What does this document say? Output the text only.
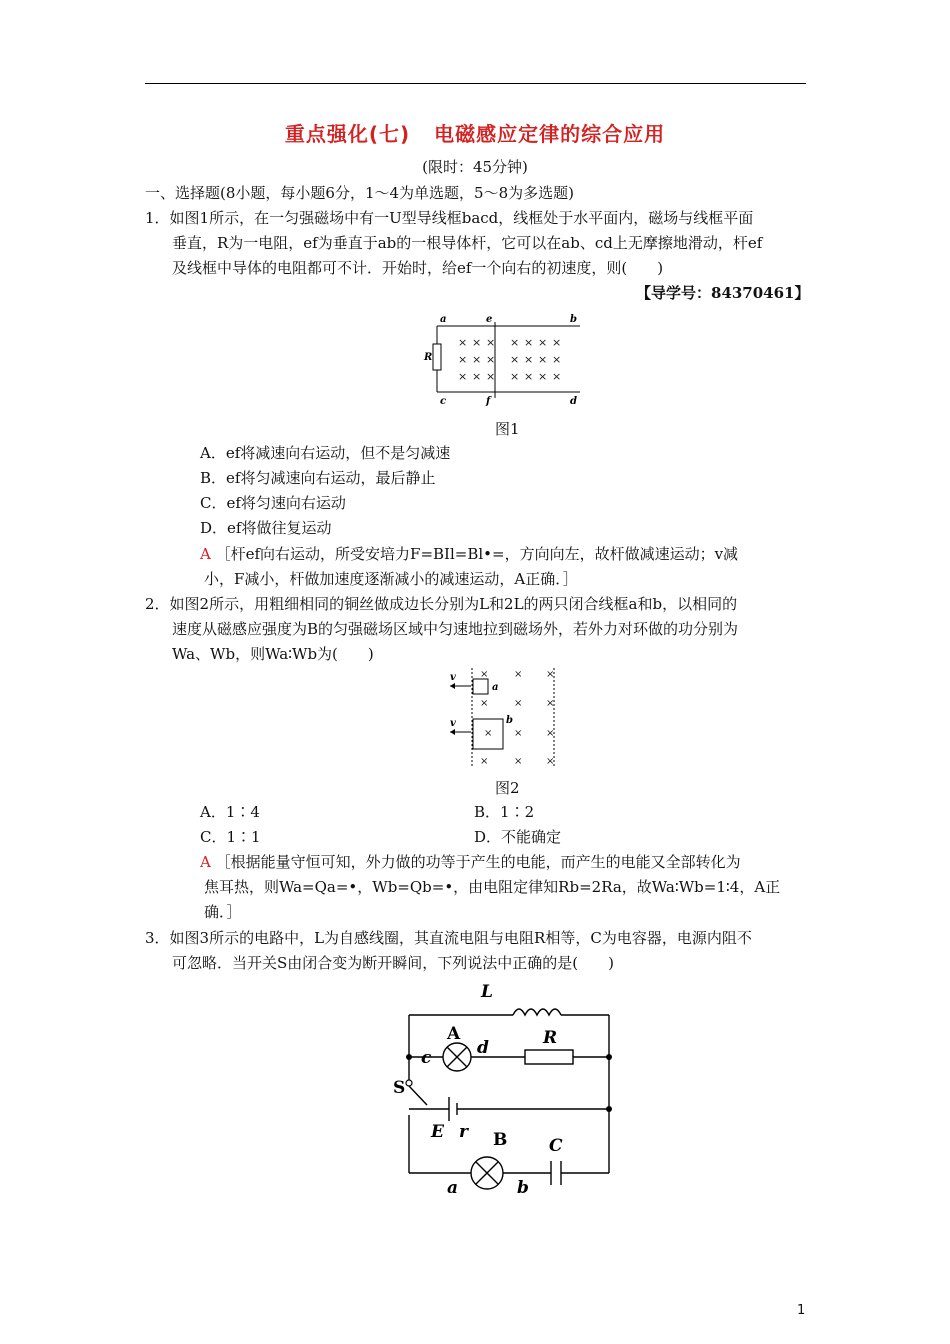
重点强化(七) 电磁感应定律的综合应用
(限时：45分钟)
一、选择题(8小题，每小题6分，1～4为单选题，5～8为多选题)
1．如图1所示，在一匀强磁场中有一U型导线框bacd，线框处于水平面内，磁场与线框平面
垂直，R为一电阻，ef为垂直于ab的一根导体杆，它可以在ab、cd上无摩擦地滑动，杆ef
及线框中导体的电阻都可不计．开始时，给ef一个向右的初速度，则(　　)
【导学号：84370461】
× × × × × × ×
× × × × × × ×
× × × × × × ×
a	e	b
R
c	f	d
图1
A．ef将减速向右运动，但不是匀减速
B．ef将匀减速向右运动，最后静止
C．ef将匀速向右运动
D．ef将做往复运动
A ［杆ef向右运动，所受安培力F=BIl=Bl•=，方向向左，故杆做减速运动；v减
小，F减小，杆做加速度逐渐减小的减速运动，A正确．］
2．如图2所示，用粗细相同的铜丝做成边长分别为L和2L的两只闭合线框a和b，以相同的
速度从磁感应强度为B的匀强磁场区域中匀速地拉到磁场外，若外力对环做的功分别为
Wa、Wb，则Wa∶Wb为(　　)
×	× ×
× ×
×
× × ×
×	× ×
v
a
v	b
图2
A．1∶4	B．1∶2
C．1∶1	D．不能确定
A ［根据能量守恒可知，外力做的功等于产生的电能，而产生的电能又全部转化为
焦耳热，则Wa=Qa=•，Wb=Qb=•，由电阻定律知Rb=2Ra，故Wa∶Wb=1∶4，A正
确．］
3．如图3所示的电路中，L为自感线圈，其直流电阻与电阻R相等，C为电容器，电源内阻不
可忽略．当开关S由闭合变为断开瞬间，下列说法中正确的是(　　)
L
A
c	d	R
S
E r B C
a	b
1
